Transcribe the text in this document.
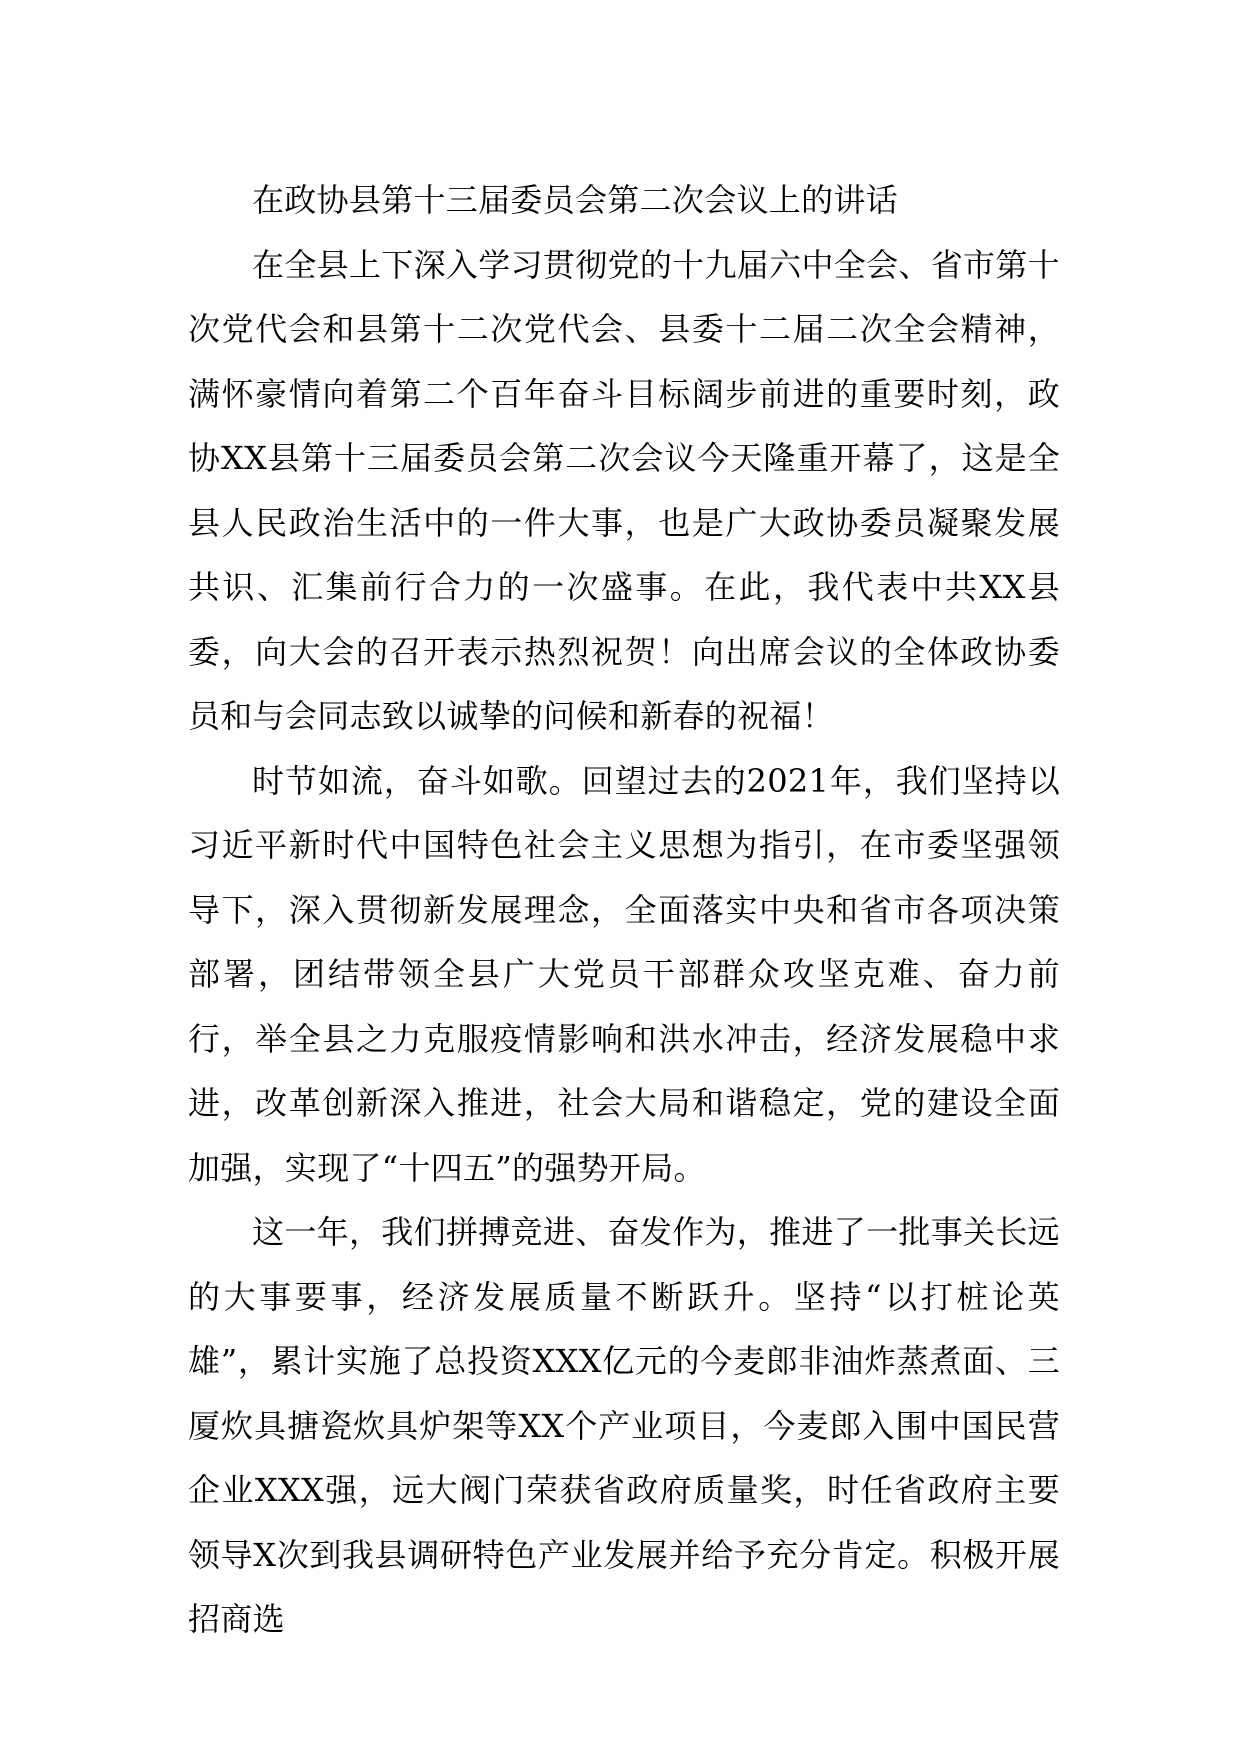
在政协县第十三届委员会第二次会议上的讲话

在全县上下深入学习贯彻党的十九届六中全会、省市第十次党代会和县第十二次党代会、县委十二届二次全会精神，满怀豪情向着第二个百年奋斗目标阔步前进的重要时刻，政协XX县第十三届委员会第二次会议今天隆重开幕了，这是全县人民政治生活中的一件大事，也是广大政协委员凝聚发展共识、汇集前行合力的一次盛事。在此，我代表中共XX县委，向大会的召开表示热烈祝贺！向出席会议的全体政协委员和与会同志致以诚挚的问候和新春的祝福！

时节如流，奋斗如歌。回望过去的2021年，我们坚持以习近平新时代中国特色社会主义思想为指引，在市委坚强领导下，深入贯彻新发展理念，全面落实中央和省市各项决策部署，团结带领全县广大党员干部群众攻坚克难、奋力前行，举全县之力克服疫情影响和洪水冲击，经济发展稳中求进，改革创新深入推进，社会大局和谐稳定，党的建设全面加强，实现了“十四五”的强势开局。

这一年，我们拼搏竞进、奋发作为，推进了一批事关长远的大事要事，经济发展质量不断跃升。坚持“以打桩论英雄”，累计实施了总投资XXX亿元的今麦郎非油炸蒸煮面、三厦炊具搪瓷炊具炉架等XX个产业项目，今麦郎入围中国民营企业XXX强，远大阀门荣获省政府质量奖，时任省政府主要领导X次到我县调研特色产业发展并给予充分肯定。积极开展招商选
